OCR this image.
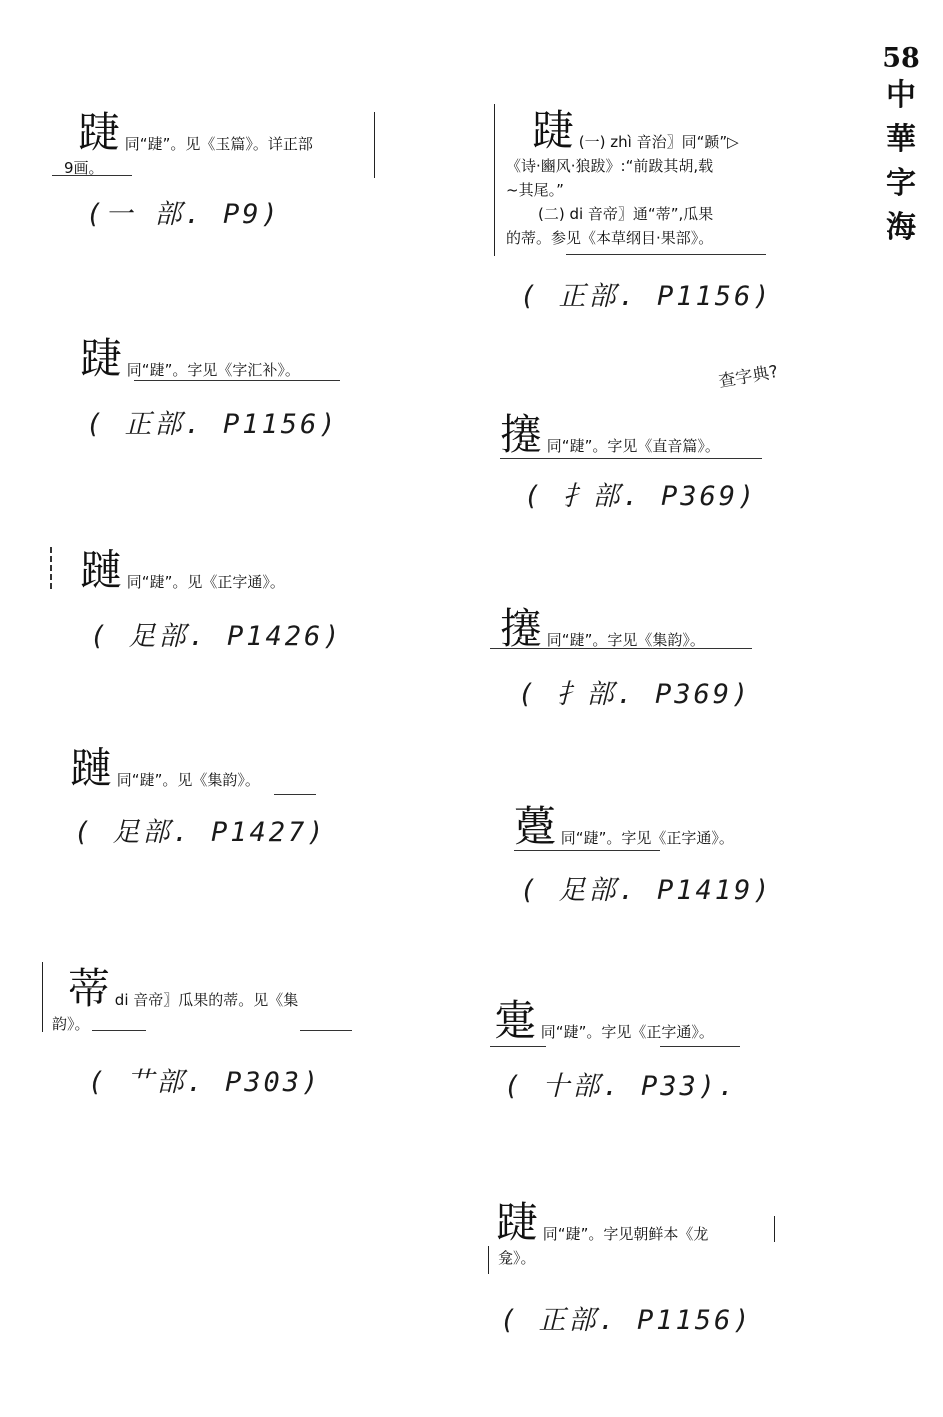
58
中
華
字
海
踕 同“踕”。见《玉篇》。详正部
9画。
(一 部. P9)
踕 同“踕”。字见《字汇补》。
( 正部. P1156)
蹥 同“踕”。见《正字通》。
( 足部. P1426)
蹥 同“踕”。见《集韵》。
( 足部. P1427)
蒂 di 音帝〗瓜果的蒂。见《集
韵》。
( 艹部. P303)
踕 (一) zhì 音治〗同“踬”▷
《诗·豳风·狼跋》:“前跋其胡,载
~其尾。”
(二) di 音帝〗通“蒂”,瓜果
的蒂。参见《本草纲目·果部》。
( 正部. P1156)
查字典?
攓 同“踕”。字见《直音篇》。
( 扌部. P369)
攓 同“踕”。字见《集韵》。
( 扌部. P369)
躉 同“踕”。字见《正字通》。
( 足部. P1419)
疐 同“踕”。字见《正字通》。
( 十部. P33).
踕 同“踕”。字见朝鲜本《龙
龛》。
( 正部. P1156)
